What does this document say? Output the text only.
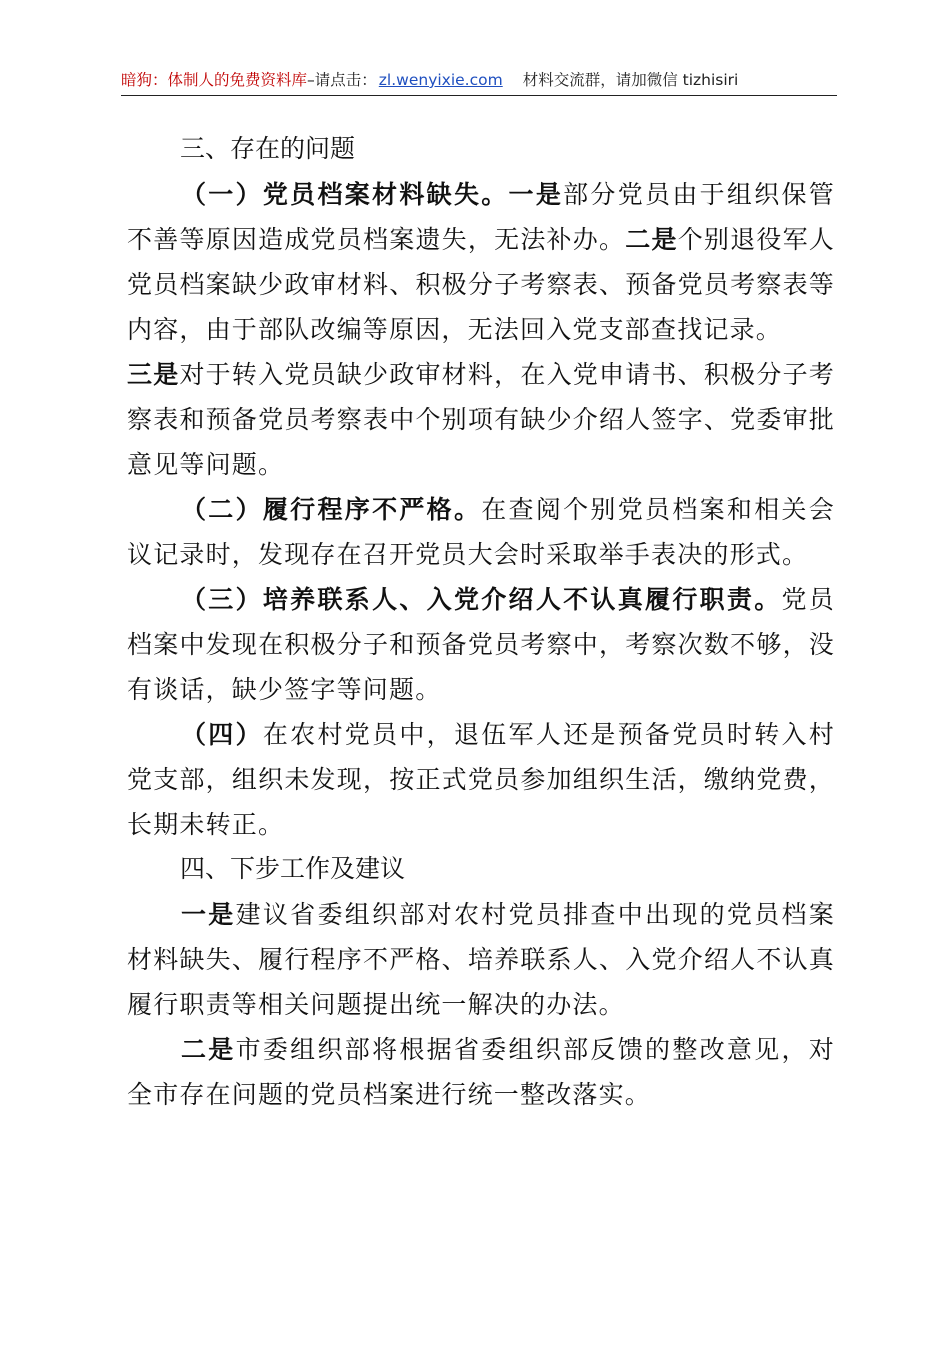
暗狗：体制人的免费资料库–请点击： zl.wenyixie.com 材料交流群，请加微信 tizhisiri
三、存在的问题
（一）党员档案材料缺失。一是部分党员由于组织保管不善等原因造成党员档案遗失，无法补办。二是个别退役军人党员档案缺少政审材料、积极分子考察表、预备党员考察表等内容，由于部队改编等原因，无法回入党支部查找记录。
三是对于转入党员缺少政审材料，在入党申请书、积极分子考察表和预备党员考察表中个别项有缺少介绍人签字、党委审批意见等问题。
（二）履行程序不严格。在查阅个别党员档案和相关会议记录时，发现存在召开党员大会时采取举手表决的形式。
（三）培养联系人、入党介绍人不认真履行职责。党员档案中发现在积极分子和预备党员考察中，考察次数不够，没有谈话，缺少签字等问题。
（四）在农村党员中，退伍军人还是预备党员时转入村党支部，组织未发现，按正式党员参加组织生活，缴纳党费，长期未转正。
四、下步工作及建议
一是建议省委组织部对农村党员排查中出现的党员档案材料缺失、履行程序不严格、培养联系人、入党介绍人不认真履行职责等相关问题提出统一解决的办法。
二是市委组织部将根据省委组织部反馈的整改意见，对全市存在问题的党员档案进行统一整改落实。
